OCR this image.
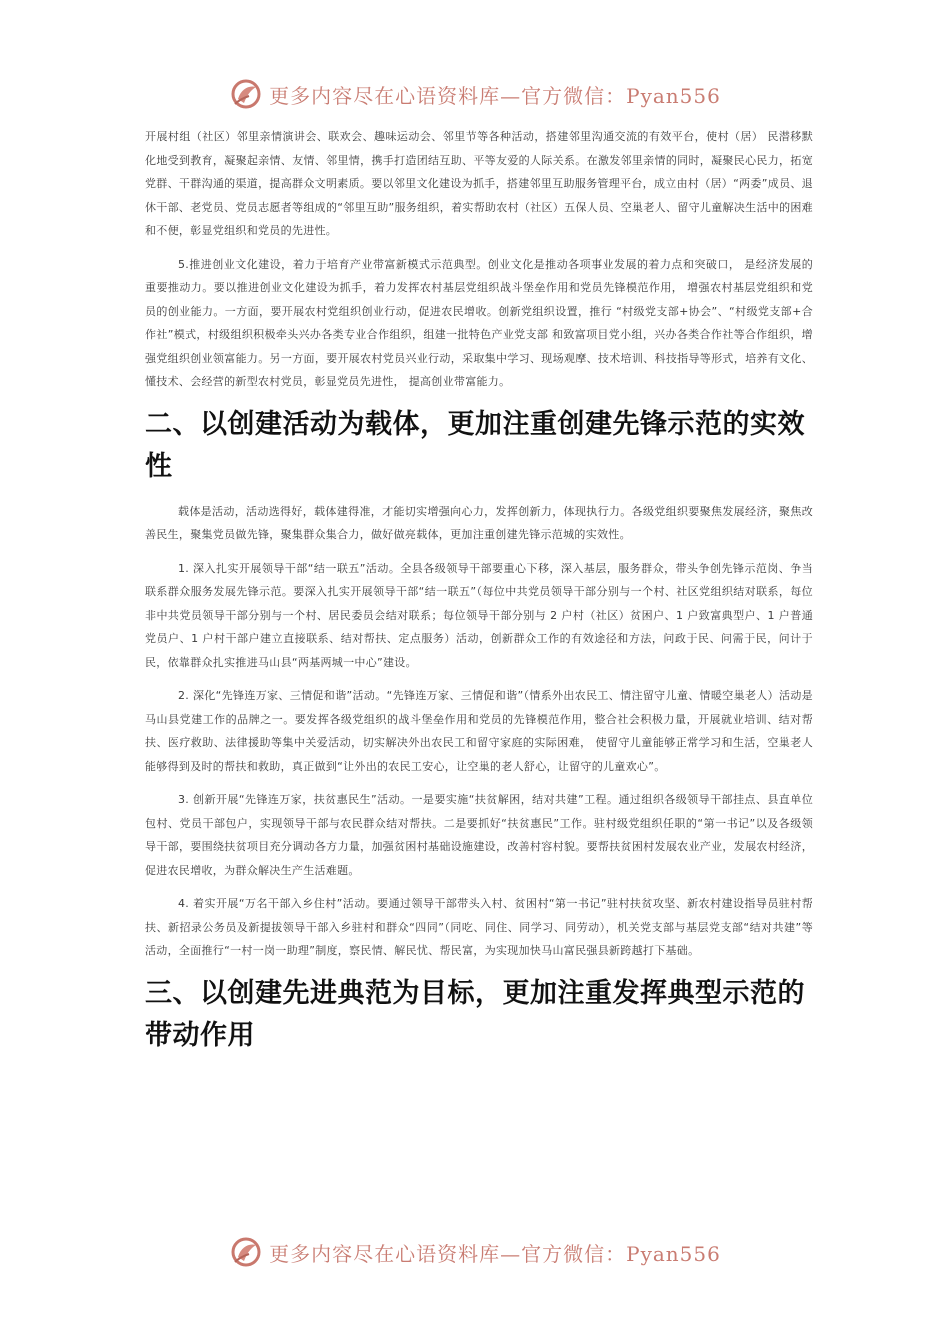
更多内容尽在心语资料库—官方微信：Pyan556

开展村组（社区）邻里亲情演讲会、联欢会、趣味运动会、邻里节等各种活动，搭建邻里沟通交流的有效平台，使村（居） 民潜移默化地受到教育，凝聚起亲情、友情、邻里情，携手打造团结互助、平等友爱的人际关系。在激发邻里亲情的同时，凝聚民心民力，拓宽党群、干群沟通的渠道，提高群众文明素质。要以邻里文化建设为抓手，搭建邻里互助服务管理平台，成立由村（居）“两委”成员、退休干部、老党员、党员志愿者等组成的“邻里互助”服务组织，着实帮助农村（社区）五保人员、空巢老人、留守儿童解决生活中的困难和不便，彰显党组织和党员的先进性。

5.推进创业文化建设，着力于培育产业带富新模式示范典型。创业文化是推动各项事业发展的着力点和突破口， 是经济发展的重要推动力。要以推进创业文化建设为抓手，着力发挥农村基层党组织战斗堡垒作用和党员先锋模范作用， 增强农村基层党组织和党员的创业能力。一方面，要开展农村党组织创业行动，促进农民增收。创新党组织设置，推行 “村级党支部+协会”、“村级党支部+合作社”模式，村级组织积极牵头兴办各类专业合作组织，组建一批特色产业党支部 和致富项目党小组，兴办各类合作社等合作组织，增强党组织创业领富能力。另一方面，要开展农村党员兴业行动，采取集中学习、现场观摩、技术培训、科技指导等形式，培养有文化、懂技术、会经营的新型农村党员，彰显党员先进性， 提高创业带富能力。

二、以创建活动为载体，更加注重创建先锋示范的实效性

载体是活动，活动选得好，载体建得准，才能切实增强向心力，发挥创新力，体现执行力。各级党组织要聚焦发展经济，聚焦改善民生，聚集党员做先锋，聚集群众集合力，做好做亮载体，更加注重创建先锋示范城的实效性。

1. 深入扎实开展领导干部“结一联五”活动。全县各级领导干部要重心下移，深入基层，服务群众，带头争创先锋示范岗、争当联系群众服务发展先锋示范。要深入扎实开展领导干部“结一联五”（每位中共党员领导干部分别与一个村、社区党组织结对联系，每位非中共党员领导干部分别与一个村、居民委员会结对联系；每位领导干部分别与 2 户村（社区）贫困户、1 户致富典型户、1 户普通党员户、1 户村干部户建立直接联系、结对帮扶、定点服务）活动，创新群众工作的有效途径和方法，问政于民、问需于民，问计于民，依靠群众扎实推进马山县“两基两城一中心”建设。

2. 深化“先锋连万家、三情促和谐”活动。“先锋连万家、三情促和谐”（情系外出农民工、情注留守儿童、情暖空巢老人）活动是马山县党建工作的品牌之一。要发挥各级党组织的战斗堡垒作用和党员的先锋模范作用，整合社会积极力量，开展就业培训、结对帮扶、医疗救助、法律援助等集中关爱活动，切实解决外出农民工和留守家庭的实际困难， 使留守儿童能够正常学习和生活，空巢老人能够得到及时的帮扶和救助，真正做到“让外出的农民工安心，让空巢的老人舒心，让留守的儿童欢心”。

3. 创新开展“先锋连万家，扶贫惠民生”活动。一是要实施“扶贫解困，结对共建”工程。通过组织各级领导干部挂点、县直单位包村、党员干部包户，实现领导干部与农民群众结对帮扶。二是要抓好“扶贫惠民”工作。驻村级党组织任职的“第一书记”以及各级领导干部，要围绕扶贫项目充分调动各方力量，加强贫困村基础设施建设，改善村容村貌。要帮扶贫困村发展农业产业，发展农村经济，促进农民增收，为群众解决生产生活难题。

4. 着实开展“万名干部入乡住村”活动。要通过领导干部带头入村、贫困村“第一书记”驻村扶贫攻坚、新农村建设指导员驻村帮扶、新招录公务员及新提拔领导干部入乡驻村和群众“四同”（同吃、同住、同学习、同劳动），机关党支部与基层党支部“结对共建”等活动，全面推行“一村一岗一助理”制度，察民情、解民忧、帮民富，为实现加快马山富民强县新跨越打下基础。

三、以创建先进典范为目标，更加注重发挥典型示范的带动作用
更多内容尽在心语资料库—官方微信：Pyan556
